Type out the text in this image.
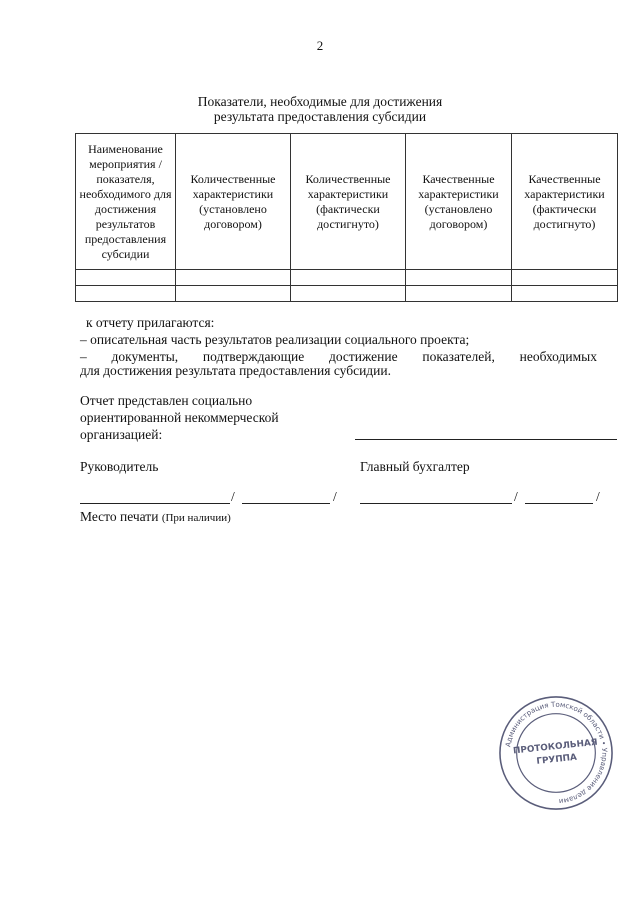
2
Показатели, необходимые для достижения
результата предоставления субсидии
Наименование мероприятия / показателя, необходимого для достижения результатов предоставления субсидии	Количественные характеристики (установлено договором)	Количественные характеристики (фактически достигнуто)	Качественные характеристики (установлено договором)	Качественные характеристики (фактически достигнуто)

к отчету прилагаются:
– описательная часть результатов реализации социального проекта;
– документы, подтверждающие достижение показателей, необходимых
для достижения результата предоставления субсидии.
Отчет представлен социально
ориентированной некоммерческой
организацией:
Руководитель	Главный бухгалтер
/	/	/	/
Место печати (При наличии)
Администрация Томской области • Управление делами
ПРОТОКОЛЬНАЯ
ГРУППА
